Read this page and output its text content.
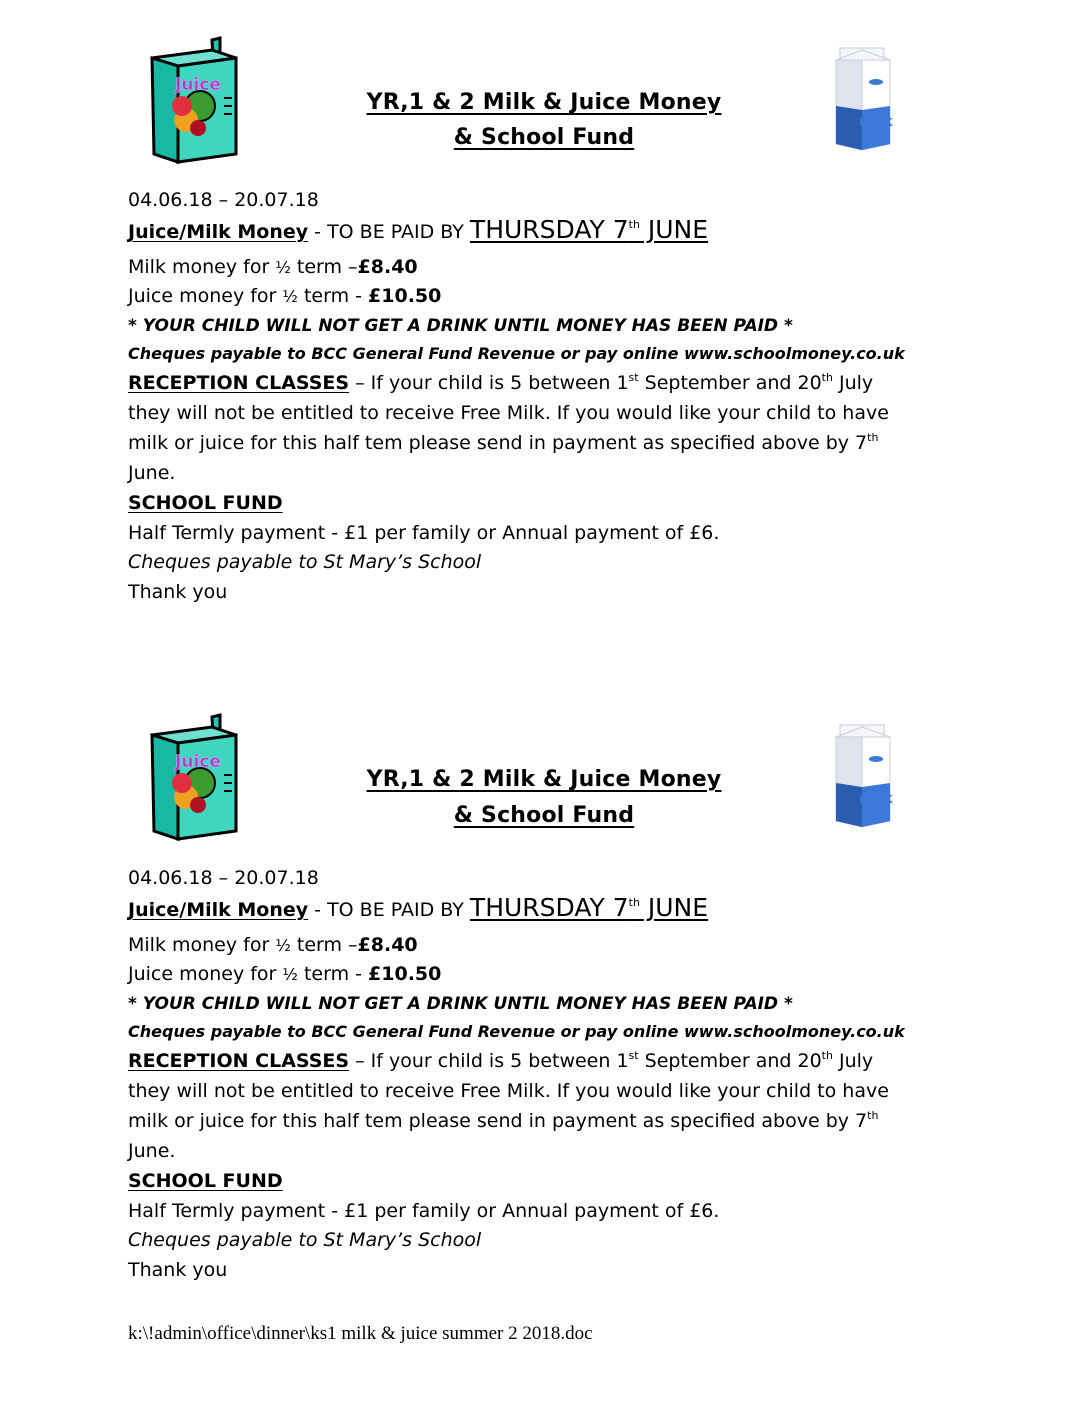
Juice
YR,1 & 2 Milk & Juice Money
& School Fund
milk
04.06.18 – 20.07.18
Juice/Milk Money - TO BE PAID BY THURSDAY 7th JUNE
Milk money for ½ term –£8.40
Juice money for ½ term - £10.50
* YOUR CHILD WILL NOT GET A DRINK UNTIL MONEY HAS BEEN PAID *
Cheques payable to BCC General Fund Revenue or pay online www.schoolmoney.co.uk
RECEPTION CLASSES – If your child is 5 between 1st September and 20th July
they will not be entitled to receive Free Milk. If you would like your child to have
milk or juice for this half tem please send in payment as specified above by 7th
June.
SCHOOL FUND
Half Termly payment - £1 per family or Annual payment of £6.
Cheques payable to St Mary’s School
Thank you
Juice
YR,1 & 2 Milk & Juice Money
& School Fund
milk
04.06.18 – 20.07.18
Juice/Milk Money - TO BE PAID BY THURSDAY 7th JUNE
Milk money for ½ term –£8.40
Juice money for ½ term - £10.50
* YOUR CHILD WILL NOT GET A DRINK UNTIL MONEY HAS BEEN PAID *
Cheques payable to BCC General Fund Revenue or pay online www.schoolmoney.co.uk
RECEPTION CLASSES – If your child is 5 between 1st September and 20th July
they will not be entitled to receive Free Milk. If you would like your child to have
milk or juice for this half tem please send in payment as specified above by 7th
June.
SCHOOL FUND
Half Termly payment - £1 per family or Annual payment of £6.
Cheques payable to St Mary’s School
Thank you
k:\!admin\office\dinner\ks1 milk & juice summer 2 2018.doc
